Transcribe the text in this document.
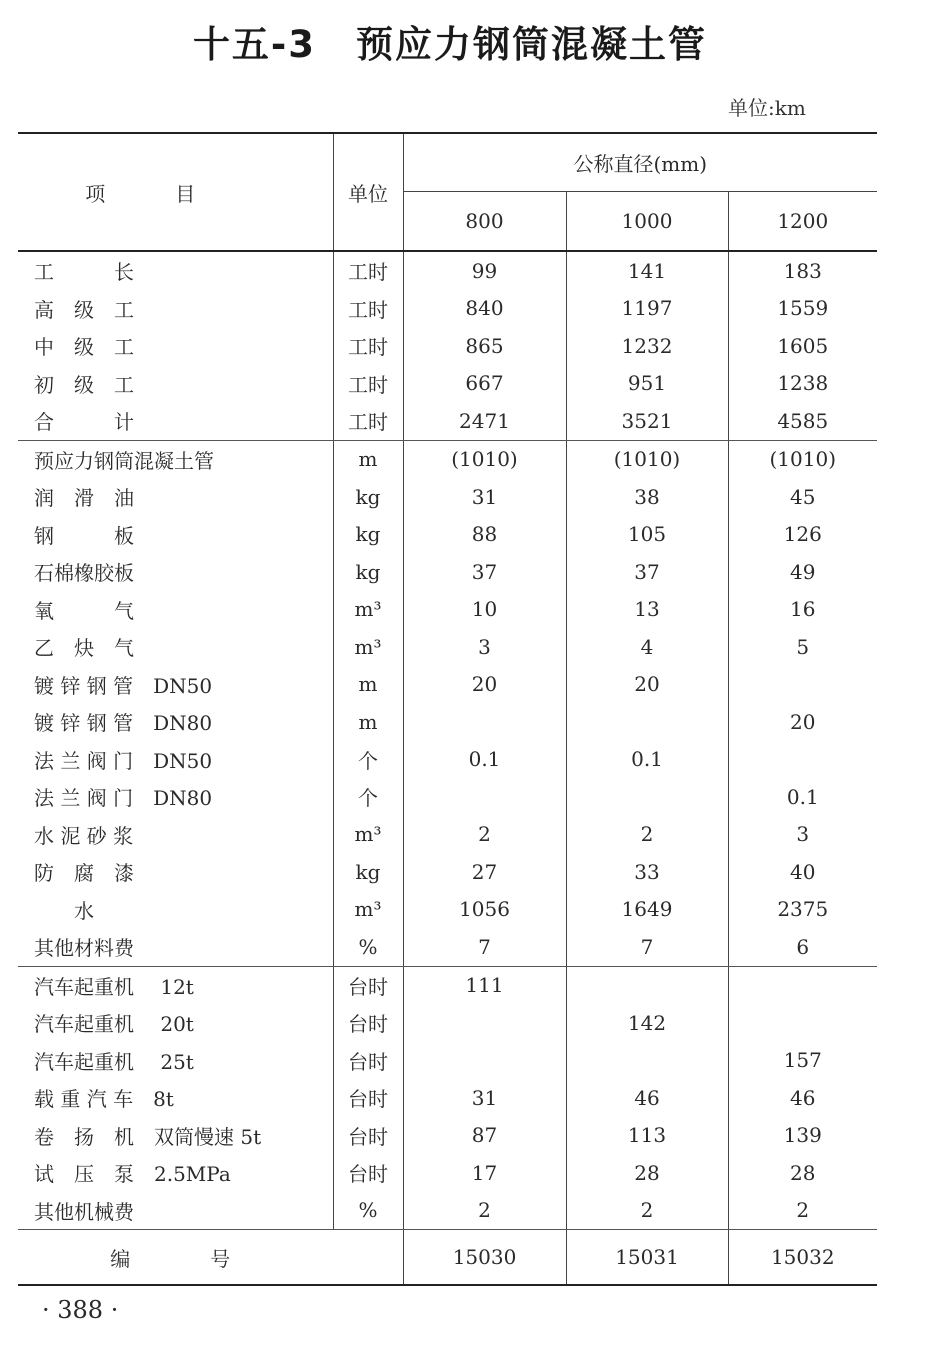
十五-3 预应力钢筒混凝土管
单位:km
项目	单位	公称直径(mm)		
		800	1000	1200
工　　　长	工时	99	141	183
高　级　工	工时	840	1197	1559
中　级　工	工时	865	1232	1605
初　级　工	工时	667	951	1238
合　　　计	工时	2471	3521	4585
预应力钢筒混凝土管	m	(1010)	(1010)	(1010)
润　滑　油	kg	31	38	45
钢　　　板	kg	88	105	126
石棉橡胶板	kg	37	37	49
氧　　　气	m³	10	13	16
乙　炔　气	m³	3	4	5
镀 锌 钢 管　DN50	m	20	20	
镀 锌 钢 管　DN80	m			20
法 兰 阀 门　DN50	个	0.1	0.1	
法 兰 阀 门　DN80	个			0.1
水 泥 砂 浆	m³	2	2	3
防　腐　漆	kg	27	33	40
　　水	m³	1056	1649	2375
其他材料费	%	7	7	6
汽车起重机　 12t	台时	111		
汽车起重机　 20t	台时		142	
汽车起重机　 25t	台时			157
载 重 汽 车　8t	台时	31	46	46
卷　扬　机　双筒慢速 5t	台时	87	113	139
试　压　泵　2.5MPa	台时	17	28	28
其他机械费	%	2	2	2
编号		15030	15031	15032
· 388 ·
